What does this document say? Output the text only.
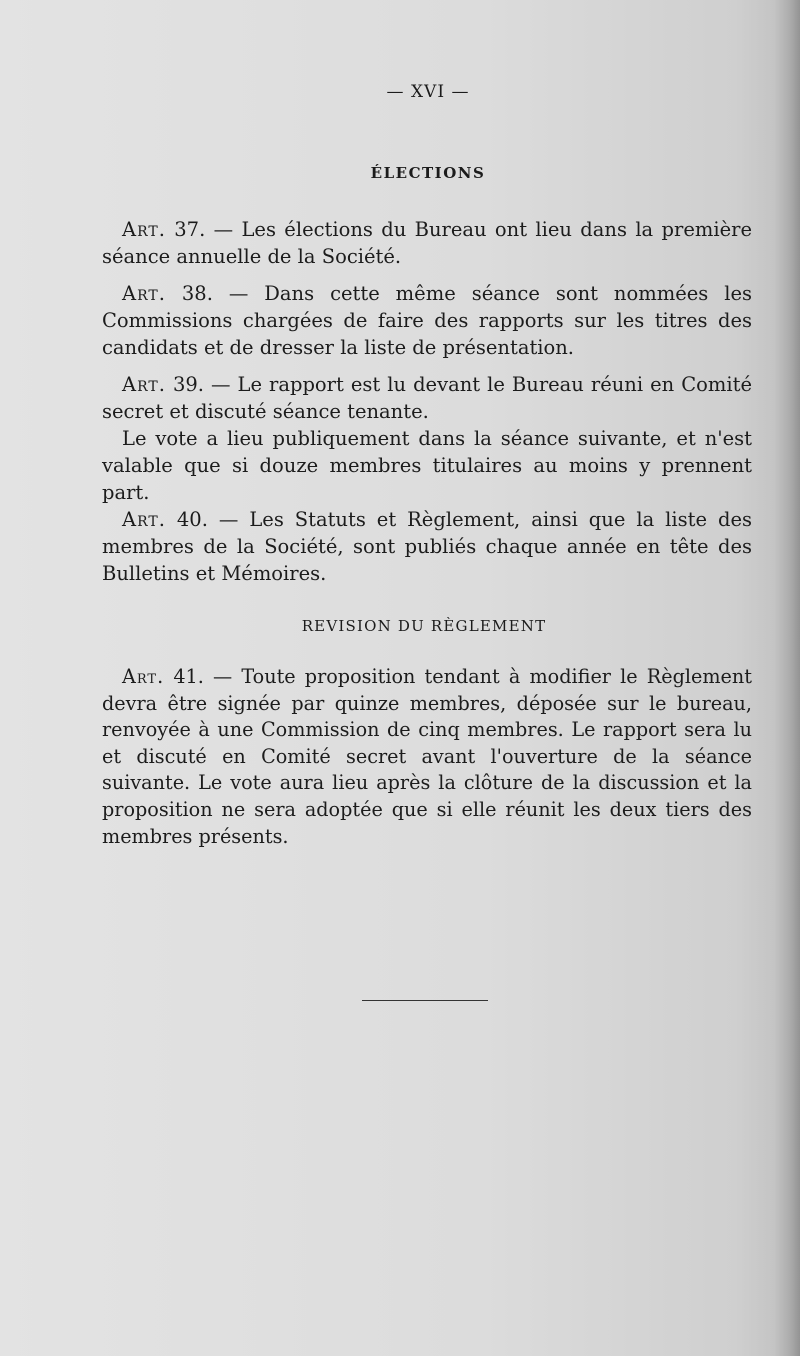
— XVI —
ÉLECTIONS

Art. 37. — Les élections du Bureau ont lieu dans la première séance annuelle de la Société.

Art. 38. — Dans cette même séance sont nommées les Commissions chargées de faire des rapports sur les titres des candidats et de dresser la liste de présentation.

Art. 39. — Le rapport est lu devant le Bureau réuni en Comité secret et discuté séance tenante.

Le vote a lieu publiquement dans la séance suivante, et n'est valable que si douze membres titulaires au moins y prennent part.

Art. 40. — Les Statuts et Règlement, ainsi que la liste des membres de la Société, sont publiés chaque année en tête des Bulletins et Mémoires.

REVISION DU RÈGLEMENT

Art. 41. — Toute proposition tendant à modifier le Règlement devra être signée par quinze membres, déposée sur le bureau, renvoyée à une Commission de cinq membres. Le rapport sera lu et discuté en Comité secret avant l'ouverture de la séance suivante. Le vote aura lieu après la clôture de la discussion et la proposition ne sera adoptée que si elle réunit les deux tiers des membres présents.
